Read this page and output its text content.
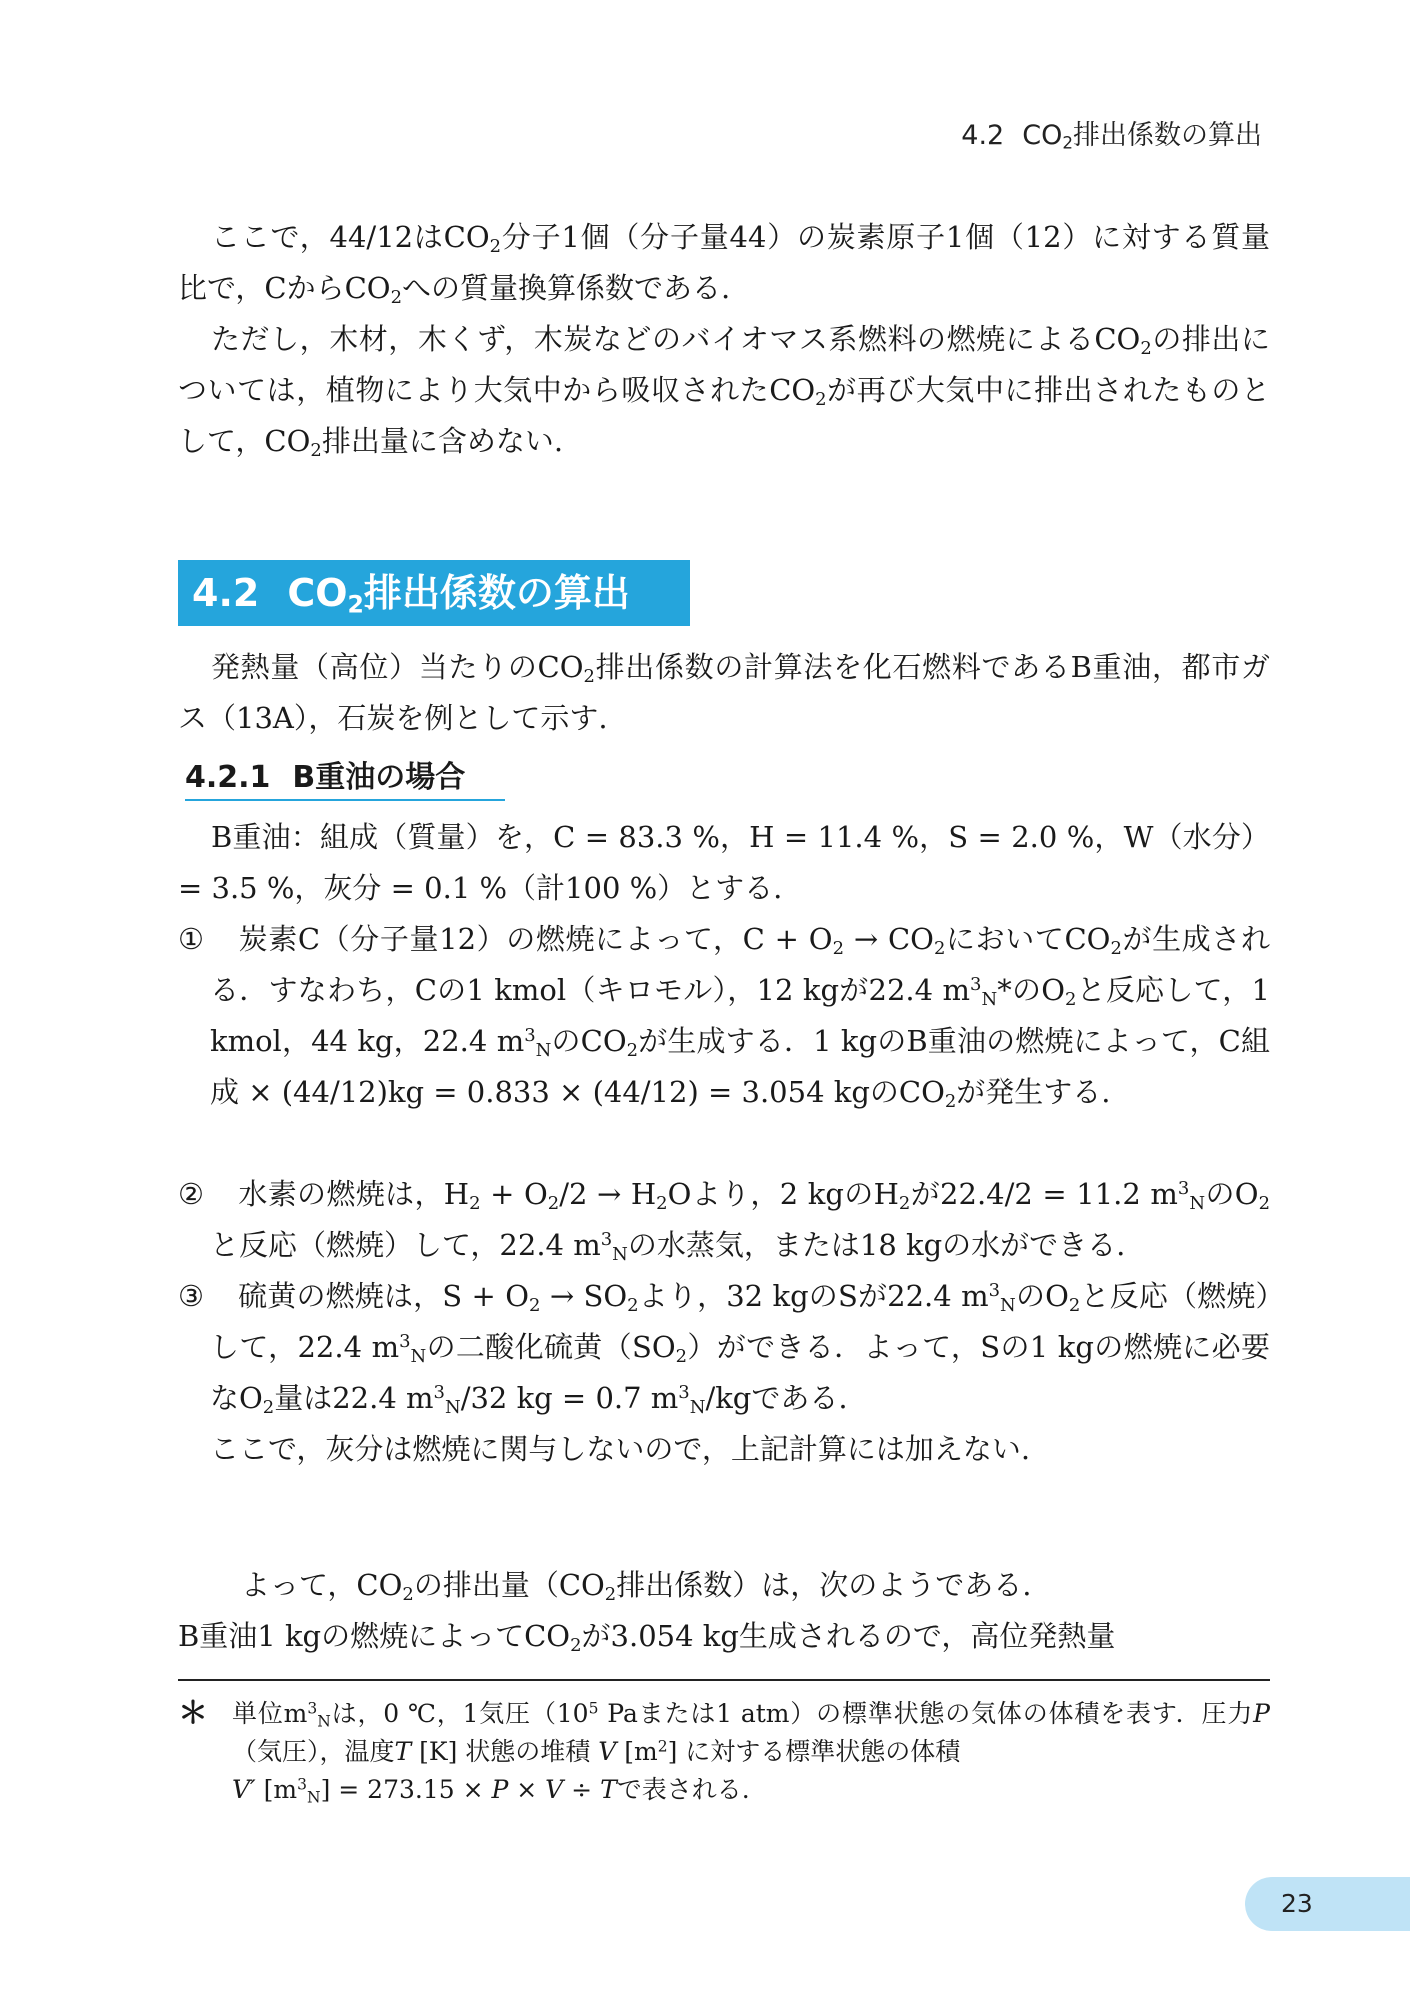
4.2 $CO_2$排出係数の算出
ここで，44/12は$CO_2$分子1個（分子量44）の炭素原子1個（12）に対する質量比で，Cから$CO_2$への質量換算係数である.
ただし，木材，木くず，木炭などのバイオマス系燃料の燃焼による$CO_2$の排出については，植物により大気中から吸収された$CO_2$が再び大気中に排出されたものとして，$CO_2$排出量に含めない.
4.2 $CO_2$排出係数の算出
発熱量（高位）当たりの$CO_2$排出係数の計算法を化石燃料であるB重油，都市ガス（13A），石炭を例として示す.
4.2.1 B重油の場合
B重油：組成（質量）を，C = 83.3 %，H = 11.4 %，S = 2.0 %，W（水分）= 3.5 %，灰分 = 0.1 %（計100 %）とする.
①	炭素C（分子量12）の燃焼によって，$C + O_2 \to CO_2$において$CO_2$が生成される．すなわち，Cの1 kmol（キロモル），12 kgが22.4 $m^3_N*$の$O_2$と反応して，1 kmol，44 kg，22.4 $m^3_N$の$CO_2$が生成する．1 kgのB重油の燃焼によって，C組成 × (44/12)kg = 0.833 × (44/12) = 3.054 kgの$CO_2$が発生する.
②	水素の燃焼は，$H_2 + O_2/2 \to H_2O$より，2 kgの$H_2$が22.4/2 = 11.2 $m^3_N$の$O_2$と反応（燃焼）して，22.4 $m^3_N$の水蒸気，または18 kgの水ができる.
③	硫黄の燃焼は，$S + O_2 \to SO_2$より，32 kgのSが22.4 $m^3_N$の$O_2$と反応（燃焼）して，22.4 $m^3_N$の二酸化硫黄$(SO_2)$ができる．よって，Sの1 kgの燃焼に必要な$O_2$量は22.4 $m^3_N/32$ kg = 0.7 $m^3_N/kg$である.
ここで，灰分は燃焼に関与しないので，上記計算には加えない.
よって，$CO_2$の排出量（$CO_2$排出係数）は，次のようである.
B重油1 kgの燃焼によって$CO_2$が3.054 kg生成されるので，高位発熱量
＊ 単位$m^3_N$は，0 ℃，1気圧（$10^5$ Paまたは1 atm）の標準状態の気体の体積を表す．圧力P（気圧），温度T [K] 状態の堆積 V $[m^2]$ に対する標準状態の体積
V′ $[m^3_N] = 273.15 \times P \times V \div T$で表される.
23
